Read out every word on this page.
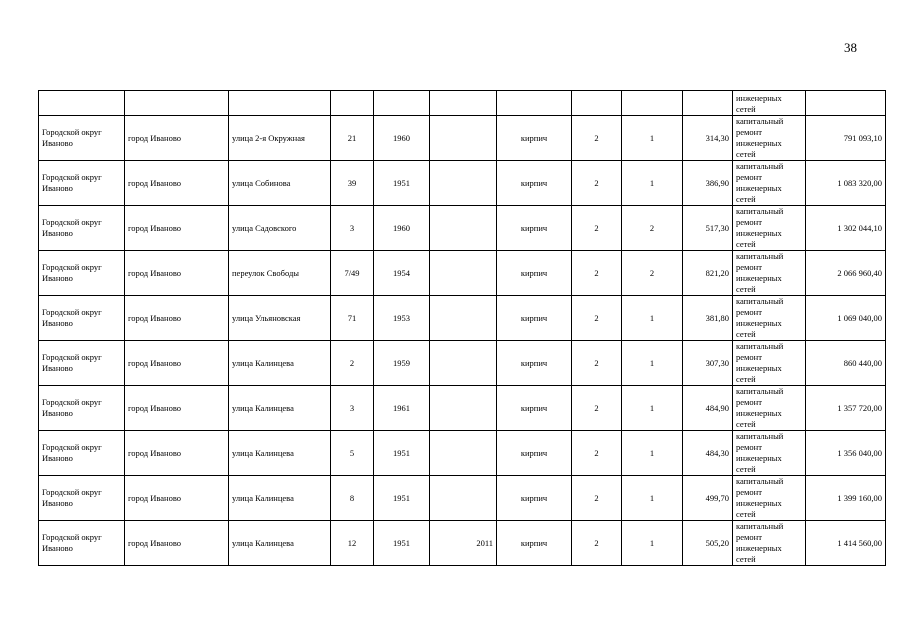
38
										инженерных сетей	
Городской округ Иваново	город Иваново	улица 2-я Окружная	21	1960		кирпич	2	1	314,30	капитальный ремонт инженерных сетей	791 093,10
Городской округ Иваново	город Иваново	улица Собинова	39	1951		кирпич	2	1	386,90	капитальный ремонт инженерных сетей	1 083 320,00
Городской округ Иваново	город Иваново	улица Садовского	3	1960		кирпич	2	2	517,30	капитальный ремонт инженерных сетей	1 302 044,10
Городской округ Иваново	город Иваново	переулок Свободы	7/49	1954		кирпич	2	2	821,20	капитальный ремонт инженерных сетей	2 066 960,40
Городской округ Иваново	город Иваново	улица Ульяновская	71	1953		кирпич	2	1	381,80	капитальный ремонт инженерных сетей	1 069 040,00
Городской округ Иваново	город Иваново	улица Калинцева	2	1959		кирпич	2	1	307,30	капитальный ремонт инженерных сетей	860 440,00
Городской округ Иваново	город Иваново	улица Калинцева	3	1961		кирпич	2	1	484,90	капитальный ремонт инженерных сетей	1 357 720,00
Городской округ Иваново	город Иваново	улица Калинцева	5	1951		кирпич	2	1	484,30	капитальный ремонт инженерных сетей	1 356 040,00
Городской округ Иваново	город Иваново	улица Калинцева	8	1951		кирпич	2	1	499,70	капитальный ремонт инженерных сетей	1 399 160,00
Городской округ Иваново	город Иваново	улица Калинцева	12	1951	2011	кирпич	2	1	505,20	капитальный ремонт инженерных сетей	1 414 560,00
